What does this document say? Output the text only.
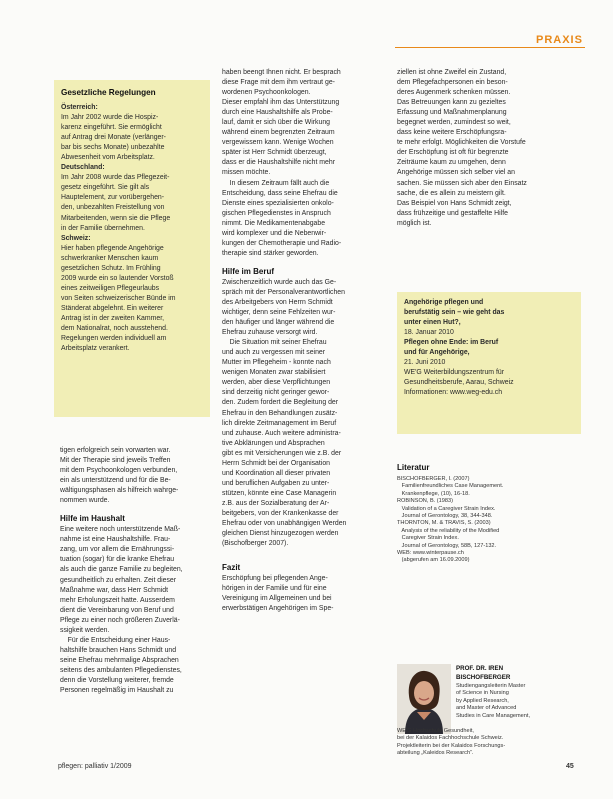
PRAXIS
Gesetzliche Regelungen
Österreich:
Im Jahr 2002 wurde die Hospiz-
karenz eingeführt. Sie ermöglicht
auf Antrag drei Monate (verlänger-
bar bis sechs Monate) unbezahlte
Abwesenheit vom Arbeitsplatz.
Deutschland:
Im Jahr 2008 wurde das Pflegezeit-
gesetz eingeführt. Sie gilt als
Hauptelement, zur vorübergehen-
den, unbezahlten Freistellung von
Mitarbeitenden, wenn sie die Pflege
in der Familie übernehmen.
Schweiz:
Hier haben pflegende Angehörige
schwerkranker Menschen kaum
gesetzlichen Schutz. Im Frühling
2009 wurde ein so lautender Vorstoß
eines zeitweiligen Pflegeurlaubs
von Seiten schweizerischer Bünde im
Ständerat abgelehnt. Ein weiterer
Antrag ist in der zweiten Kammer,
dem Nationalrat, noch ausstehend.
Regelungen werden individuell am
Arbeitsplatz verankert.
tigen erfolgreich sein vorwarten war.
Mit der Therapie sind jeweils Treffen
mit dem Psychoonkologen verbunden,
ein als unterstützend und für die Be-
wältigungsphasen als hilfreich wahrge-
nommen wurde.
Hilfe im Haushalt
Eine weitere noch unterstützende Maß-
nahme ist eine Haushaltshilfe. Frau-
zang, um vor allem die Ernährungssi-
tuation (sogar) für die kranke Ehefrau
als auch die ganze Familie zu begleiten,
gesundheitlich zu erhalten. Zeit dieser
Maßnahme war, dass Herr Schmidt
mehr Erholungszeit hatte. Ausserdem
dient die Vereinbarung von Beruf und
Pflege zu einer noch größeren Zuverlä-
ssigkeit werden.
Für die Entscheidung einer Haus-
haltshilfe brauchen Hans Schmidt und
seine Ehefrau mehrmalige Absprachen
seitens des ambulanten Pflegedienstes,
denn die Vorstellung weiterer, fremde
Personen regelmäßig im Haushalt zu
haben beengt Ihnen nicht. Er besprach
diese Frage mit dem ihm vertraut ge-
wordenen Psychoonkologen.
Dieser empfahl ihm das Unterstützung
durch eine Haushaltshilfe als Probe-
lauf, damit er sich über die Wirkung
während einem begrenzten Zeitraum
vergewissern kann. Wenige Wochen
später ist Herr Schmidt überzeugt,
dass er die Haushaltshilfe nicht mehr
missen möchte.
In diesem Zeitraum fällt auch die
Entscheidung, dass seine Ehefrau die
Dienste eines spezialisierten onkolo-
gischen Pflegedienstes in Anspruch
nimmt. Die Medikamentenabgabe
wird komplexer und die Nebenwir-
kungen der Chemotherapie und Radio-
therapie sind stärker geworden.
Hilfe im Beruf
Zwischenzeitlich wurde auch das Ge-
spräch mit der Personalverantwortlichen
des Arbeitgebers von Herrn Schmidt
wichtiger, denn seine Fehlzeiten wur-
den häufiger und länger während die
Ehefrau zuhause versorgt wird.
Die Situation mit seiner Ehefrau
und auch zu vergessen mit seiner
Mutter im Pflegeheim - konnte nach
wenigen Monaten zwar stabilisiert
werden, aber diese Verpflichtungen
sind derzeitig nicht geringer gewor-
den. Zudem fordert die Begleitung der
Ehefrau in den Behandlungen zusätz-
lich direkte Zeitmanagement im Beruf
und zuhause. Auch weitere administra-
tive Abklärungen und Absprachen
gibt es mit Versicherungen wie z.B. der
Herrn Schmidt bei der Organisation
und Koordination all dieser privaten
und beruflichen Aufgaben zu unter-
stützen, könnte eine Case Managerin
z.B. aus der Sozialberatung der Ar-
beitgebers, von der Krankenkasse der
Ehefrau oder von unabhängigen Werden
gleichen Dienst hinzugezogen werden
(Bischofberger 2007).
Fazit
Erschöpfung bei pflegenden Ange-
hörigen in der Familie und für eine
Vereinigung im Allgemeinen und bei
erwerbstätigen Angehörigen im Spe-
ziellen ist ohne Zweifel ein Zustand,
dem Pflegefachpersonen ein beson-
deres Augenmerk schenken müssen.
Das Betreuungen kann zu gezieltes
Erfassung und Maßnahmenplanung
begegnet werden, zumindest so weit,
dass keine weitere Erschöpfungsra-
te mehr erfolgt. Möglichkeiten die Vorstufe
der Erschöpfung ist oft für begrenzte
Zeiträume kaum zu umgehen, denn
Angehörige müssen sich selber viel an
sachen. Sie müssen sich aber den Einsatz
sache, die es allein zu meistern gilt.
Das Beispiel von Hans Schmidt zeigt,
dass frühzeitige und gestaffelte Hilfe
möglich ist.
Angehörige pflegen und
berufstätig sein – wie geht das
unter einen Hut?,
18. Januar 2010
Pflegen ohne Ende: im Beruf
und für Angehörige,
21. Juni 2010
WE'G Weiterbildungszentrum für
Gesundheitsberufe, Aarau, Schweiz
Informationen: www.weg-edu.ch
Literatur
BISCHOFBERGER, I. (2007)
Familienfreundliches Case Management.
Krankenpflege, (10), 16-18.
ROBINSON, B. (1983)
Validation of a Caregiver Strain Index.
Journal of Gerontology, 38, 344-348.
THORNTON, M. & TRAVIS, S. (2003)
Analysis of the reliability of the Modified
Caregiver Strain Index.
Journal of Gerontology, 58B, 127-132.
WEB: www.winterpause.ch
(abgerufen am 16.09.2009)
PROF. DR. IREN
BISCHOFBERGER
Studiengangsleiterin Master
of Science in Nursing
by Applied Research,
and Master of Advanced
Studies in Care Management,
WE'G Hochschule Gesundheit,
bei der Kalaidos Fachhochschule Schweiz.
Projektleiterin bei der Kalaidos Forschungs-
abteilung „Kaleidos Research“.
pflegen: palliativ 1/2009	45
